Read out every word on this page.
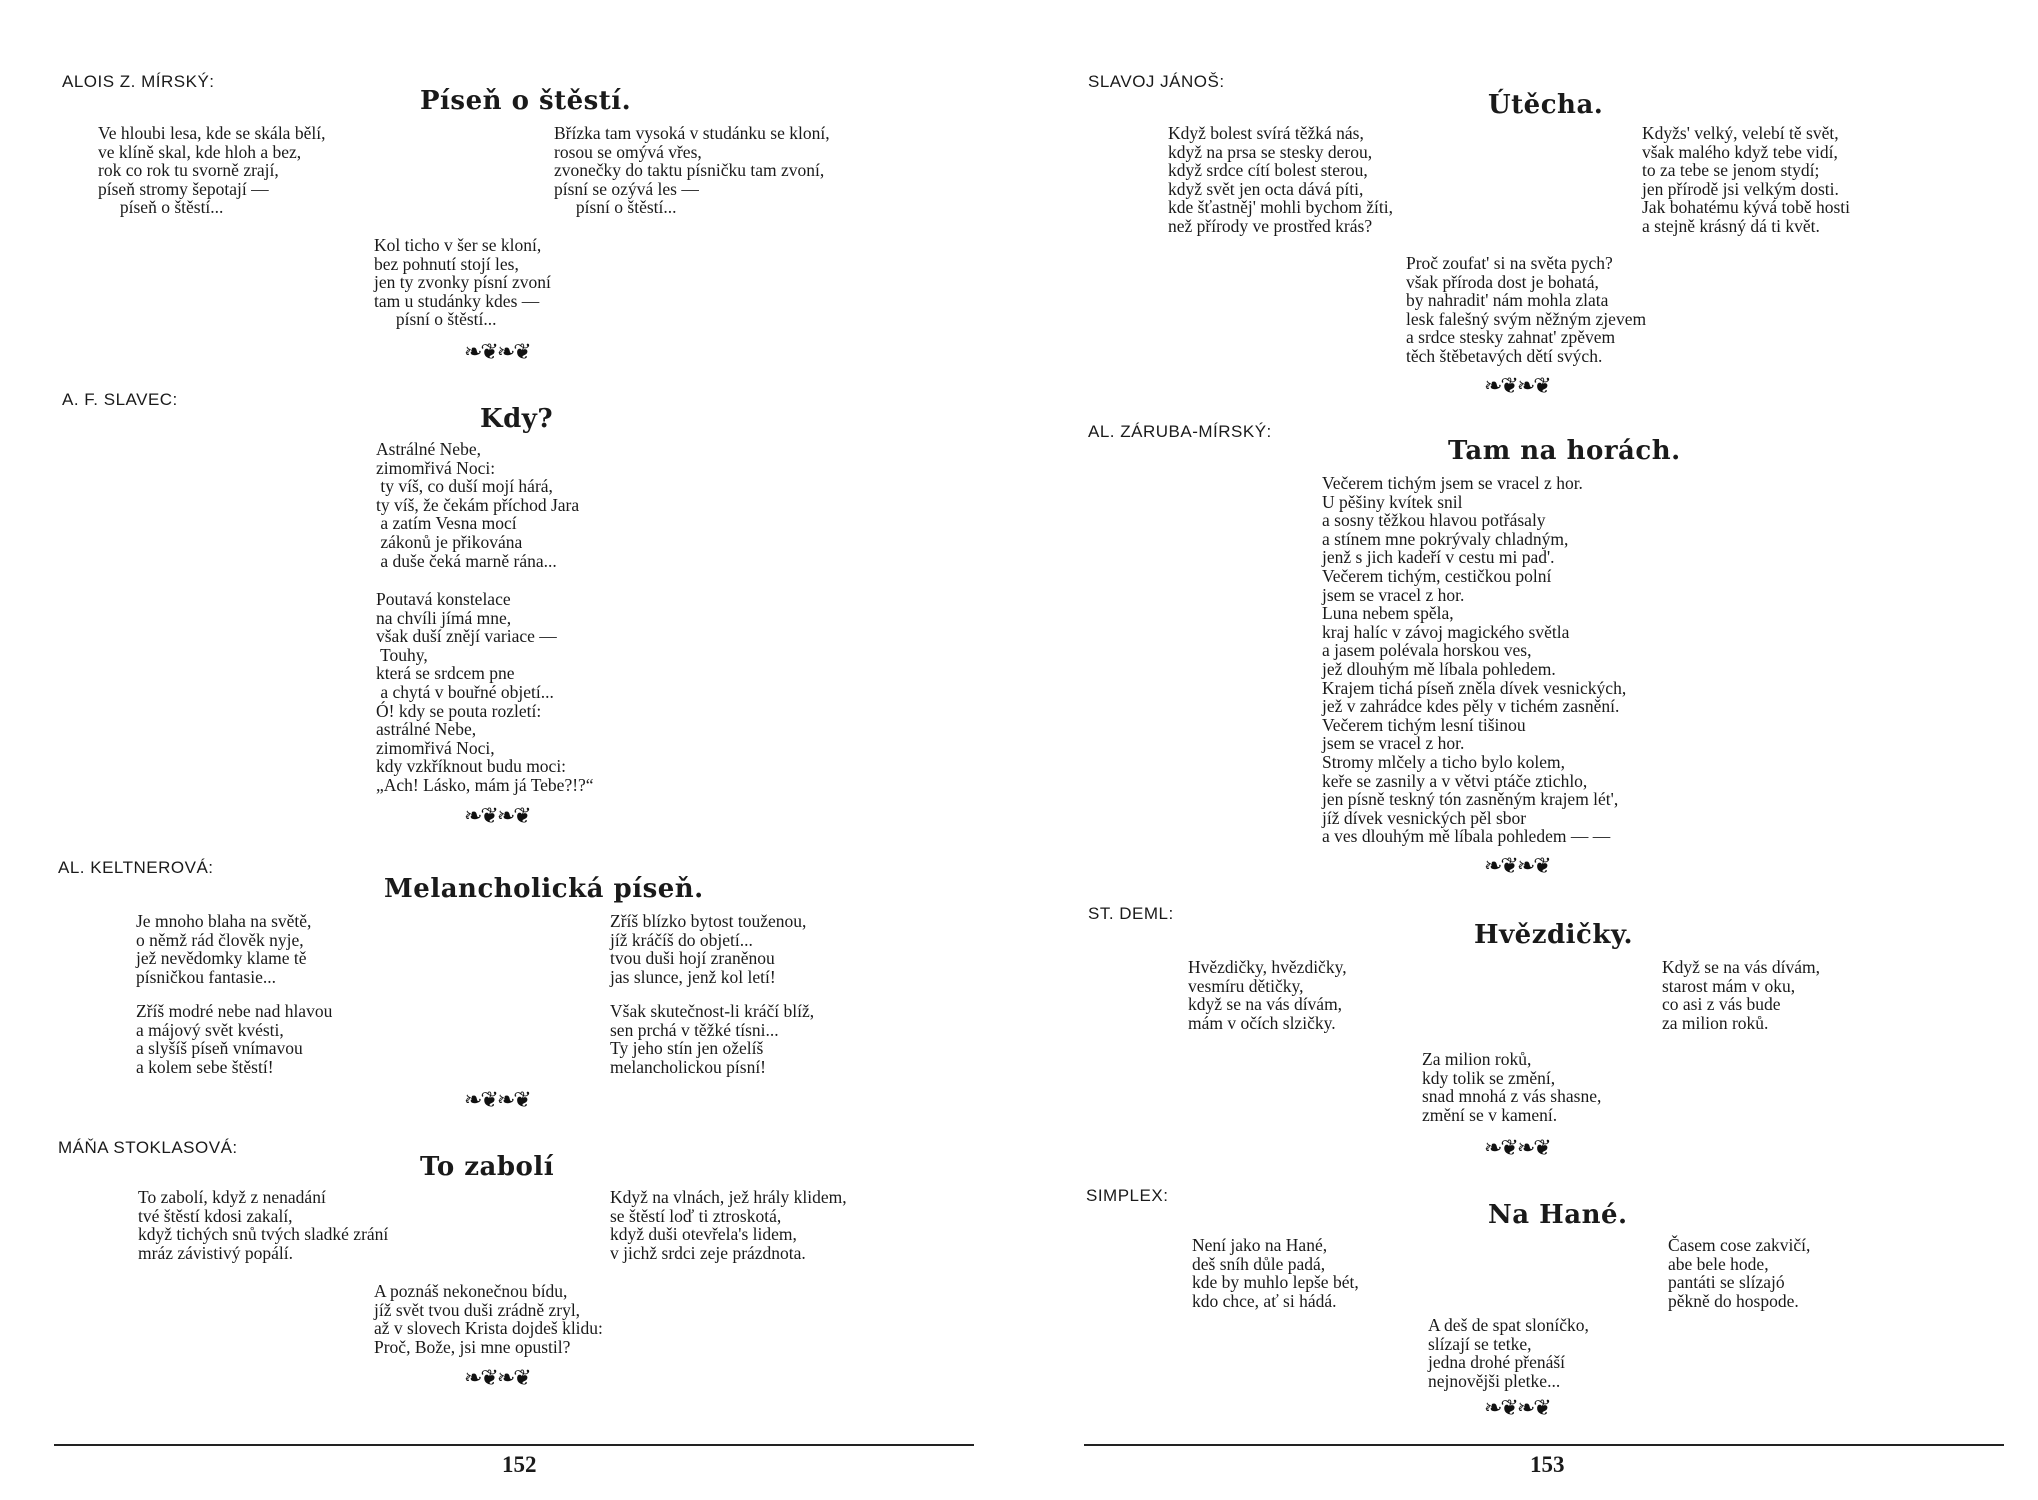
ALOIS Z. MÍRSKÝ:
Píseň o štěstí.
Ve hloubi lesa, kde se skála bělí,
ve klíně skal, kde hloh a bez,
rok co rok tu svorně zrají,
píseň stromy šepotají —
píseň o štěstí...
Břízka tam vysoká v studánku se kloní,
rosou se omývá vřes,
zvonečky do taktu písničku tam zvoní,
písní se ozývá les —
písní o štěstí...
Kol ticho v šer se kloní,
bez pohnutí stojí les,
jen ty zvonky písní zvoní
tam u studánky kdes —
písní o štěstí...
❧❦❧❦
A. F. SLAVEC:
Kdy?
Astrálné Nebe,
zimomřivá Noci:
ty víš, co duší mojí hárá,
ty víš, že čekám příchod Jara
a zatím Vesna mocí
zákonů je přikována
a duše čeká marně rána...
Poutavá konstelace
na chvíli jímá mne,
však duší znějí variace —
Touhy,
která se srdcem pne
a chytá v bouřné objetí...
Ó! kdy se pouta rozletí:
astrálné Nebe,
zimomřivá Noci,
kdy vzkříknout budu moci:
„Ach! Lásko, mám já Tebe?!?“
❧❦❧❦
AL. KELTNEROVÁ:
Melancholická píseň.
Je mnoho blaha na světě,
o němž rád člověk nyje,
jež nevědomky klame tě
písničkou fantasie...
Zříš blízko bytost touženou,
jíž kráčíš do objetí...
tvou duši hojí zraněnou
jas slunce, jenž kol letí!
Zříš modré nebe nad hlavou
a májový svět kvésti,
a slyšíš píseň vnímavou
a kolem sebe štěstí!
Však skutečnost-li kráčí blíž,
sen prchá v těžké tísni...
Ty jeho stín jen oželíš
melancholickou písní!
❧❦❧❦
MÁŇA STOKLASOVÁ:
To zabolí
To zabolí, když z nenadání
tvé štěstí kdosi zakalí,
když tichých snů tvých sladké zrání
mráz závistivý popálí.
Když na vlnách, jež hrály klidem,
se štěstí loď ti ztroskotá,
když duši otevřela's lidem,
v jichž srdci zeje prázdnota.
A poznáš nekonečnou bídu,
jíž svět tvou duši zrádně zryl,
až v slovech Krista dojdeš klidu:
Proč, Bože, jsi mne opustil?
❧❦❧❦
152
SLAVOJ JÁNOŠ:
Útěcha.
Když bolest svírá těžká nás,
když na prsa se stesky derou,
když srdce cítí bolest sterou,
když svět jen octa dává píti,
kde šťastněj' mohli bychom žíti,
než přírody ve prostřed krás?
Kdyžs' velký, velebí tě svět,
však malého když tebe vidí,
to za tebe se jenom stydí;
jen přírodě jsi velkým dosti.
Jak bohatému kývá tobě hosti
a stejně krásný dá ti květ.
Proč zoufat' si na světa pych?
však příroda dost je bohatá,
by nahradit' nám mohla zlata
lesk falešný svým něžným zjevem
a srdce stesky zahnat' zpěvem
těch štěbetavých dětí svých.
❧❦❧❦
AL. ZÁRUBA-MÍRSKÝ:
Tam na horách.
Večerem tichým jsem se vracel z hor.
U pěšiny kvítek snil
a sosny těžkou hlavou potřásaly
a stínem mne pokrývaly chladným,
jenž s jich kadeří v cestu mi pad'.
Večerem tichým, cestičkou polní
jsem se vracel z hor.
Luna nebem spěla,
kraj halíc v závoj magického světla
a jasem polévala horskou ves,
jež dlouhým mě líbala pohledem.
Krajem tichá píseň zněla dívek vesnických,
jež v zahrádce kdes pěly v tichém zasnění.
Večerem tichým lesní tišinou
jsem se vracel z hor.
Stromy mlčely a ticho bylo kolem,
keře se zasnily a v větvi ptáče ztichlo,
jen písně teskný tón zasněným krajem lét',
jíž dívek vesnických pěl sbor
a ves dlouhým mě líbala pohledem — —
❧❦❧❦
ST. DEML:
Hvězdičky.
Hvězdičky, hvězdičky,
vesmíru dětičky,
když se na vás dívám,
mám v očích slzičky.
Když se na vás dívám,
starost mám v oku,
co asi z vás bude
za milion roků.
Za milion roků,
kdy tolik se změní,
snad mnohá z vás shasne,
změní se v kamení.
❧❦❧❦
SIMPLEX:
Na Hané.
Není jako na Hané,
deš sníh důle padá,
kde by muhlo lepše bét,
kdo chce, ať si hádá.
Časem cose zakvičí,
abe bele hode,
pantáti se slízajó
pěkně do hospode.
A deš de spat sloníčko,
slízají se tetke,
jedna drohé přenáší
nejnovějši pletke...
❧❦❧❦
153
